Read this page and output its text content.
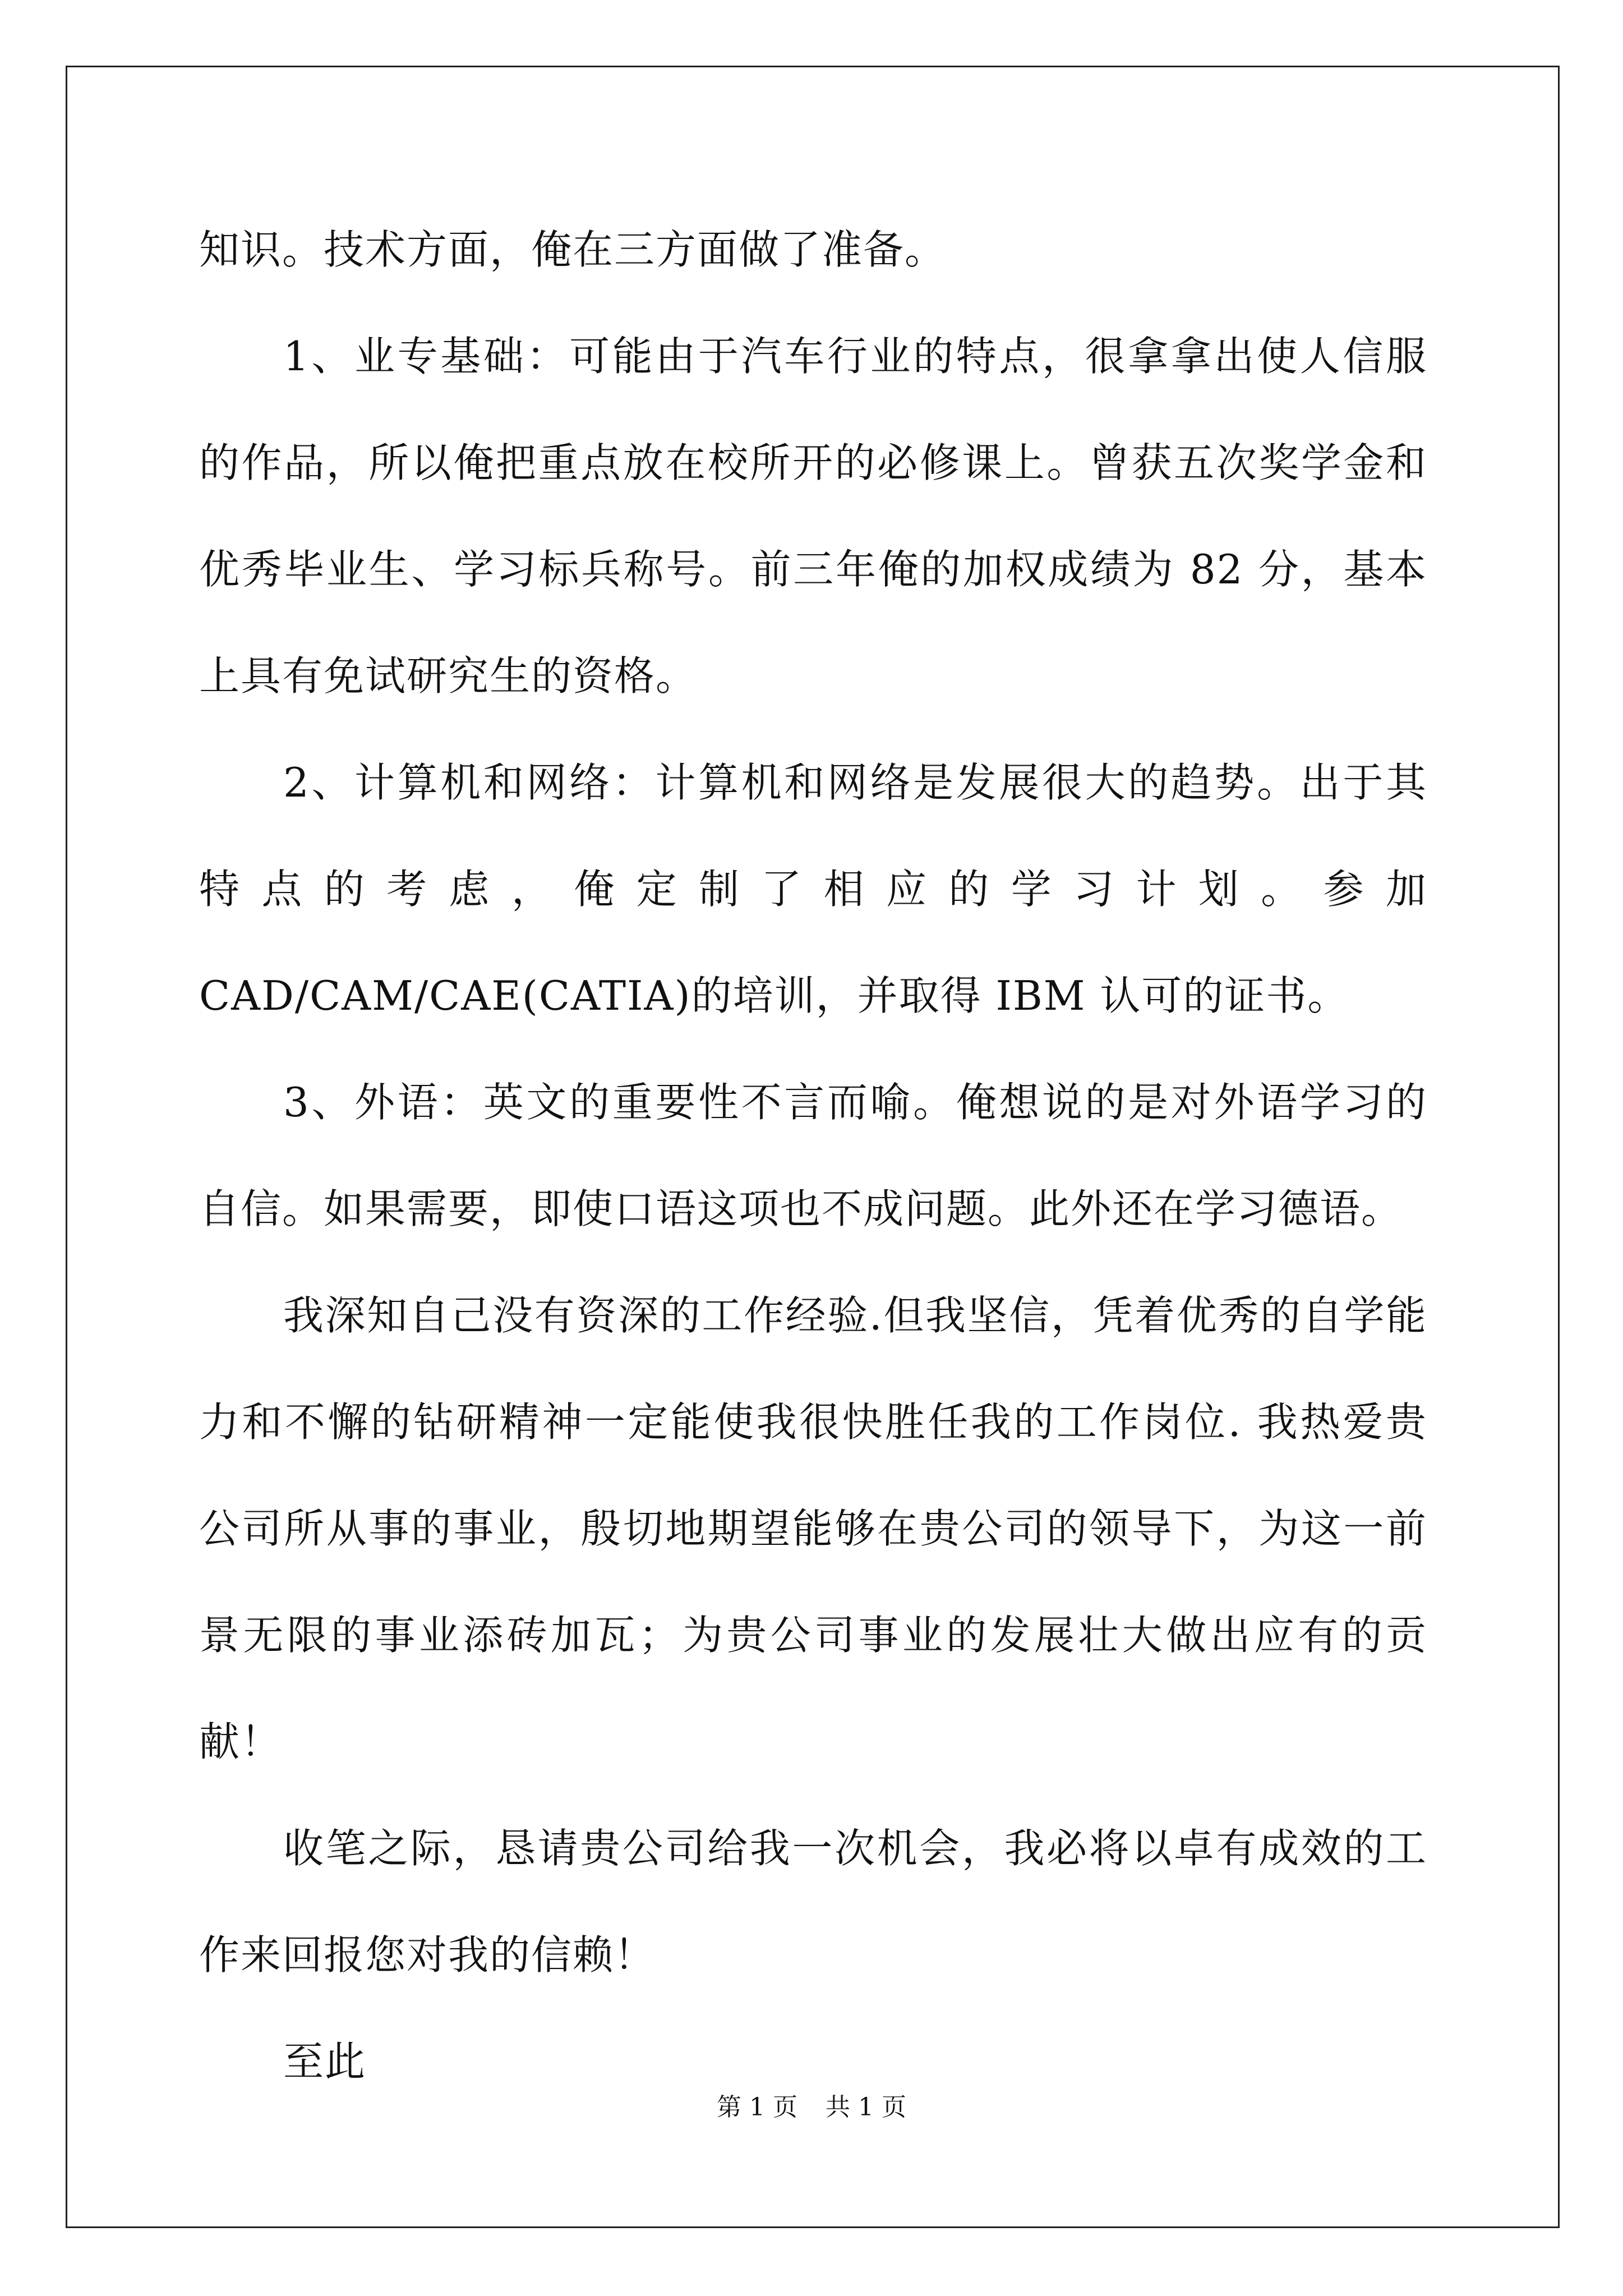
知识。技术方面，俺在三方面做了准备。

1、业专基础：可能由于汽车行业的特点，很拿拿出使人信服的作品，所以俺把重点放在校所开的必修课上。曾获五次奖学金和优秀毕业生、学习标兵称号。前三年俺的加权成绩为 82 分，基本上具有免试研究生的资格。

2、计算机和网络：计算机和网络是发展很大的趋势。出于其特点的考虑，俺定制了相应的学习计划。参加 CAD/CAM/CAE(CATIA)的培训，并取得 IBM 认可的证书。

3、外语：英文的重要性不言而喻。俺想说的是对外语学习的自信。如果需要，即使口语这项也不成问题。此外还在学习德语。

我深知自己没有资深的工作经验.但我坚信，凭着优秀的自学能力和不懈的钻研精神一定能使我很快胜任我的工作岗位. 我热爱贵公司所从事的事业，殷切地期望能够在贵公司的领导下，为这一前景无限的事业添砖加瓦；为贵公司事业的发展壮大做出应有的贡献！

收笔之际，恳请贵公司给我一次机会，我必将以卓有成效的工作来回报您对我的信赖！

至此

第 1 页 共 1 页
